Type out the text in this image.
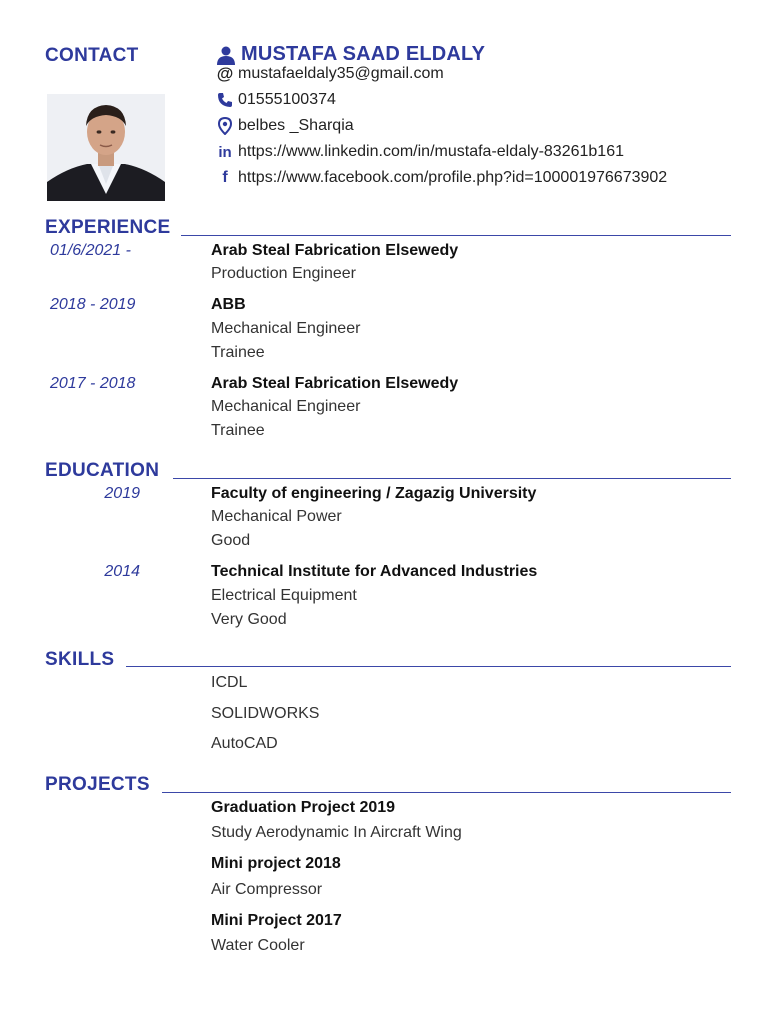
CONTACT	MUSTAFA SAAD ELDALY
@ mustafaeldaly35@gmail.com
01555100374
belbes _Sharqia
in https://www.linkedin.com/in/mustafa-eldaly-83261b161
f https://www.facebook.com/profile.php?id=100001976673902
EXPERIENCE
01/6/2021 -	Arab Steal Fabrication Elsewedy
Production Engineer
2018 - 2019	ABB
Mechanical Engineer
Trainee
2017 - 2018	Arab Steal Fabrication Elsewedy
Mechanical Engineer
Trainee
EDUCATION
2019	Faculty of engineering / Zagazig University
Mechanical Power
Good
2014	Technical Institute for Advanced Industries
Electrical Equipment
Very Good
SKILLS
ICDL
SOLIDWORKS
AutoCAD
PROJECTS
Graduation Project 2019
Study Aerodynamic In Aircraft Wing
Mini project 2018
Air Compressor
Mini Project 2017
Water Cooler
